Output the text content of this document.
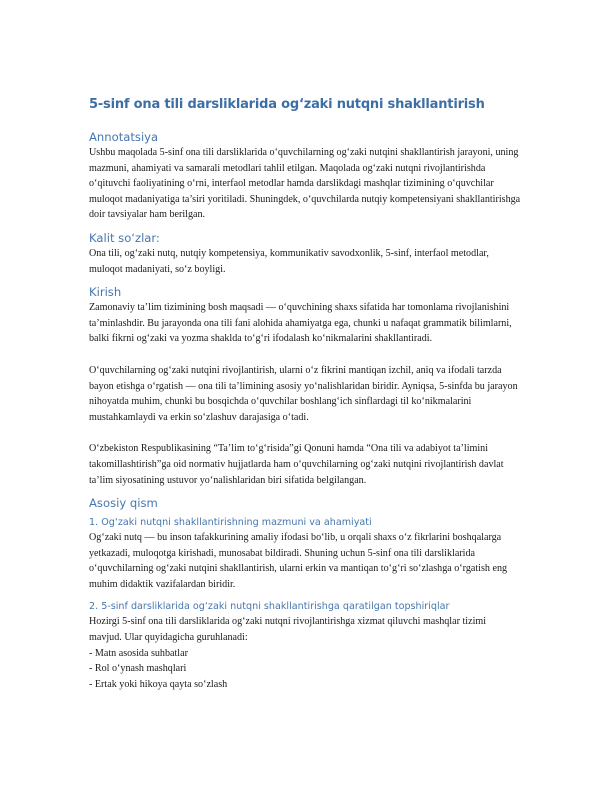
5-sinf ona tili darsliklarida og‘zaki nutqni shakllantirish
Annotatsiya

Ushbu maqolada 5-sinf ona tili darsliklarida o‘quvchilarning og‘zaki nutqini shakllantirish jarayoni, uning mazmuni, ahamiyati va samarali metodlari tahlil etilgan. Maqolada og‘zaki nutqni rivojlantirishda o‘qituvchi faoliyatining o‘rni, interfaol metodlar hamda darslikdagi mashqlar tizimining o‘quvchilar muloqot madaniyatiga ta’siri yoritiladi. Shuningdek, o‘quvchilarda nutqiy kompetensiyani shakllantirishga doir tavsiyalar ham berilgan.

Kalit so‘zlar:

Ona tili, og‘zaki nutq, nutqiy kompetensiya, kommunikativ savodxonlik, 5-sinf, interfaol metodlar, muloqot madaniyati, so‘z boyligi.

Kirish

Zamonaviy ta’lim tizimining bosh maqsadi — o‘quvchining shaxs sifatida har tomonlama rivojlanishini ta’minlashdir. Bu jarayonda ona tili fani alohida ahamiyatga ega, chunki u nafaqat grammatik bilimlarni, balki fikrni og‘zaki va yozma shaklda to‘g‘ri ifodalash ko‘nikmalarini shakllantiradi.

O‘quvchilarning og‘zaki nutqini rivojlantirish, ularni o‘z fikrini mantiqan izchil, aniq va ifodali tarzda bayon etishga o‘rgatish — ona tili ta’limining asosiy yo‘nalishlaridan biridir. Ayniqsa, 5-sinfda bu jarayon nihoyatda muhim, chunki bu bosqichda o‘quvchilar boshlang‘ich sinflardagi til ko‘nikmalarini mustahkamlaydi va erkin so‘zlashuv darajasiga o‘tadi.

O‘zbekiston Respublikasining “Ta’lim to‘g‘risida”gi Qonuni hamda “Ona tili va adabiyot ta’limini takomillashtirish”ga oid normativ hujjatlarda ham o‘quvchilarning og‘zaki nutqini rivojlantirish davlat ta’lim siyosatining ustuvor yo‘nalishlaridan biri sifatida belgilangan.

Asosiy qism
1. Og‘zaki nutqni shakllantirishning mazmuni va ahamiyati

Og‘zaki nutq — bu inson tafakkurining amaliy ifodasi bo‘lib, u orqali shaxs o‘z fikrlarini boshqalarga yetkazadi, muloqotga kirishadi, munosabat bildiradi. Shuning uchun 5-sinf ona tili darsliklarida o‘quvchilarning og‘zaki nutqini shakllantirish, ularni erkin va mantiqan to‘g‘ri so‘zlashga o‘rgatish eng muhim didaktik vazifalardan biridir.

2. 5-sinf darsliklarida og‘zaki nutqni shakllantirishga qaratilgan topshiriqlar

Hozirgi 5-sinf ona tili darsliklarida og‘zaki nutqni rivojlantirishga xizmat qiluvchi mashqlar tizimi mavjud. Ular quyidagicha guruhlanadi:

- Matn asosida suhbatlar

- Rol o‘ynash mashqlari

- Ertak yoki hikoya qayta so‘zlash
